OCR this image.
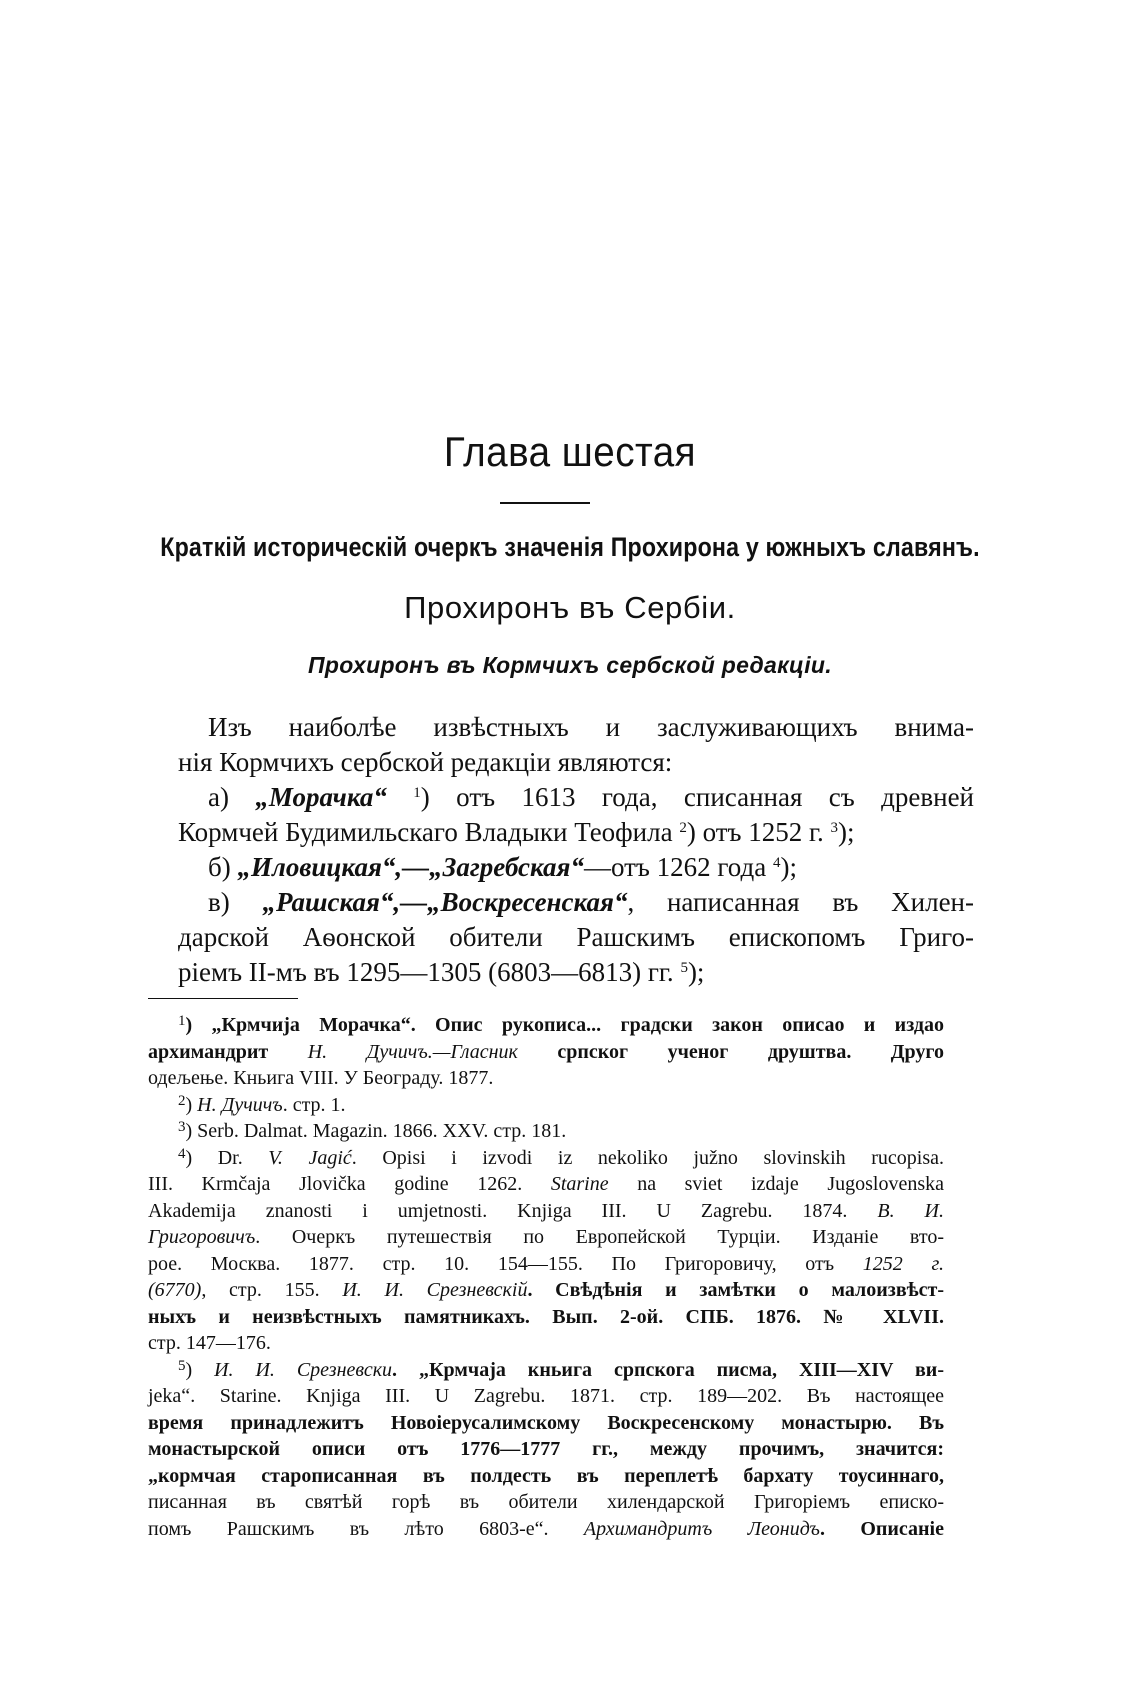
Глава шестая
Краткій историческій очеркъ значенія Прохирона у южныхъ славянъ.
Прохиронъ въ Сербіи.
Прохиронъ въ Кормчихъ сербской редакціи.
Изъ наиболѣе извѣстныхъ и заслуживающихъ внима-
нія Кормчихъ сербской редакціи являются:
а) „Морачка“ $^1$) отъ 1613 года, списанная съ древней
Кормчей Будимильскаго Владыки Теофила $^2$) отъ 1252 г. $^3$);
б) „Иловицкая“,—„Загребская“—отъ 1262 года $^4$);
в) „Рашская“,—„Воскресенская“, написанная въ Хилен-
дарской Аѳонской обители Рашскимъ епископомъ Григо-
ріемъ II-мъ въ 1295—1305 (6803—6813) гг. $^5$);
$^1$) „Крмчија Морачка“. Опис рукописа... градски закон описао и издао
архимандрит Н. Дучичъ.—Гласник српског ученог друштва. Друго
одељење. Кньига VIII. У Београду. 1877.
$^2$) Н. Дучичъ. стр. 1.
$^3$) Serb. Dalmat. Magazin. 1866. XXV. стр. 181.
$^4$) Dr. V. Jagić. Opisi i izvodi iz nekoliko južno slovinskih rucopisa.
III. Krmčaja Jlovička godine 1262. Starine na sviet izdaje Jugoslovenska
Akademija znanosti i umjetnosti. Knjiga III. U Zagrebu. 1874. В. И.
Григоровичъ. Очеркъ путешествія по Европейской Турціи. Изданіе вто-
рое. Москва. 1877. стр. 10. 154—155. По Григоровичу, отъ 1252 г.
(6770), стр. 155. И. И. Срезневскій. Свѣдѣнія и замѣтки о малоизвѣст-
ныхъ и неизвѣстныхъ памятникахъ. Вып. 2-ой. СПБ. 1876. № XLVII.
стр. 147—176.
$^5$) И. И. Срезневски. „Крмчаја кньига српскога писма, XIII—XIV ви-
jeka“. Starine. Knjiga III. U Zagrebu. 1871. стр. 189—202. Въ настоящее
время принадлежитъ Новоіерусалимскому Воскресенскому монастырю. Въ
монастырской описи отъ 1776—1777 гг., между прочимъ, значится:
„кормчая старописанная въ полдесть въ переплетѣ бархату тоусиннаго,
писанная въ святѣй горѣ въ обители хилендарской Григоріемъ еписко-
помъ Рашскимъ въ лѣто 6803-е“. Архимандритъ Леонидъ. Описаніе
